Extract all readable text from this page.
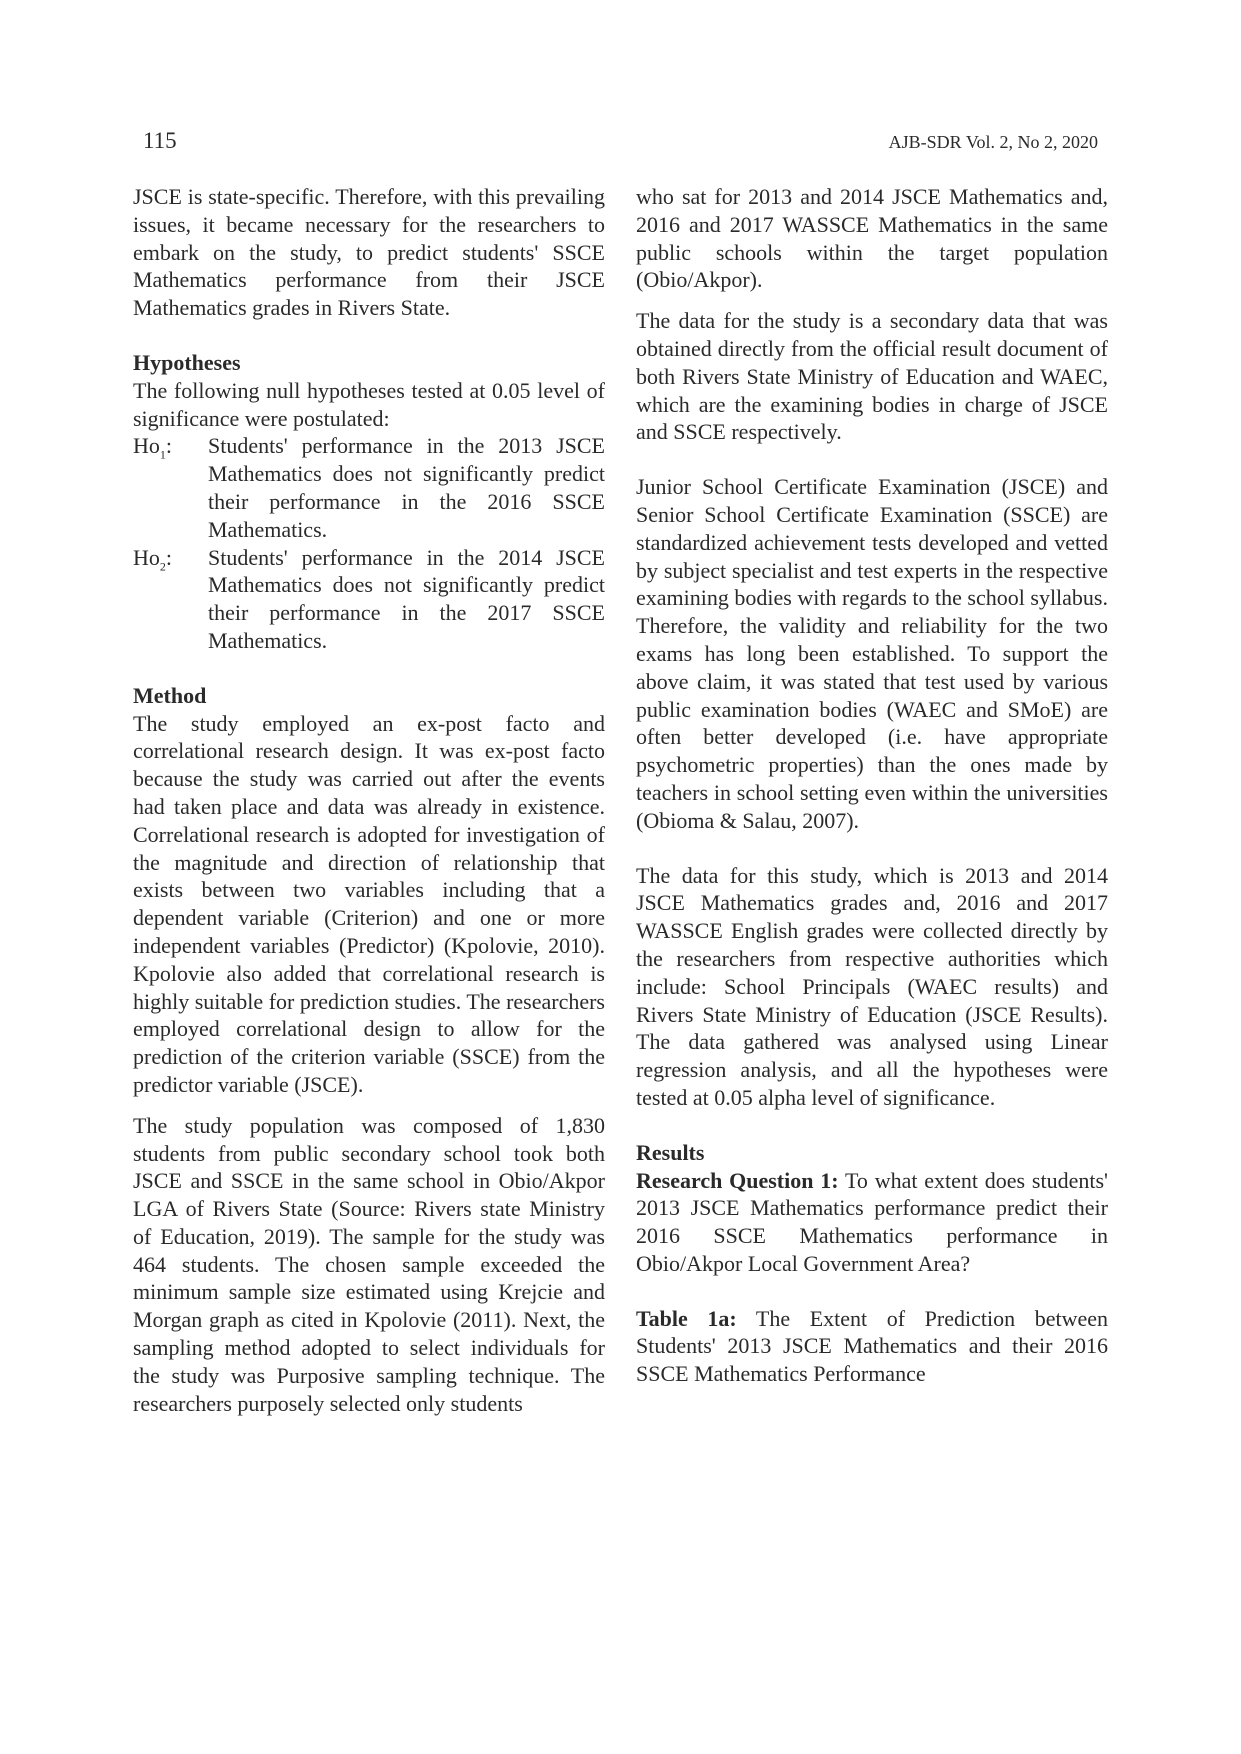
115	AJB-SDR Vol. 2, No 2, 2020

JSCE is state-specific. Therefore, with this prevailing issues, it became necessary for the researchers to embark on the study, to predict students' SSCE Mathematics performance from their JSCE Mathematics grades in Rivers State.

Hypotheses

The following null hypotheses tested at 0.05 level of significance were postulated:

$Ho_1$:	Students' performance in the 2013 JSCE Mathematics does not significantly predict their performance in the 2016 SSCE Mathematics.
$Ho_2$:	Students' performance in the 2014 JSCE Mathematics does not significantly predict their performance in the 2017 SSCE Mathematics.
Method

The study employed an ex-post facto and correlational research design. It was ex-post facto because the study was carried out after the events had taken place and data was already in existence. Correlational research is adopted for investigation of the magnitude and direction of relationship that exists between two variables including that a dependent variable (Criterion) and one or more independent variables (Predictor) (Kpolovie, 2010). Kpolovie also added that correlational research is highly suitable for prediction studies. The researchers employed correlational design to allow for the prediction of the criterion variable (SSCE) from the predictor variable (JSCE).

The study population was composed of 1,830 students from public secondary school took both JSCE and SSCE in the same school in Obio/Akpor LGA of Rivers State (Source: Rivers state Ministry of Education, 2019). The sample for the study was 464 students. The chosen sample exceeded the minimum sample size estimated using Krejcie and Morgan graph as cited in Kpolovie (2011). Next, the sampling method adopted to select individuals for the study was Purposive sampling technique. The researchers purposely selected only students

who sat for 2013 and 2014 JSCE Mathematics and, 2016 and 2017 WASSCE Mathematics in the same public schools within the target population (Obio/Akpor).

The data for the study is a secondary data that was obtained directly from the official result document of both Rivers State Ministry of Education and WAEC, which are the examining bodies in charge of JSCE and SSCE respectively.

Junior School Certificate Examination (JSCE) and Senior School Certificate Examination (SSCE) are standardized achievement tests developed and vetted by subject specialist and test experts in the respective examining bodies with regards to the school syllabus. Therefore, the validity and reliability for the two exams has long been established. To support the above claim, it was stated that test used by various public examination bodies (WAEC and SMoE) are often better developed (i.e. have appropriate psychometric properties) than the ones made by teachers in school setting even within the universities (Obioma & Salau, 2007).

The data for this study, which is 2013 and 2014 JSCE Mathematics grades and, 2016 and 2017 WASSCE English grades were collected directly by the researchers from respective authorities which include: School Principals (WAEC results) and Rivers State Ministry of Education (JSCE Results). The data gathered was analysed using Linear regression analysis, and all the hypotheses were tested at 0.05 alpha level of significance.

Results

Research Question 1: To what extent does students' 2013 JSCE Mathematics performance predict their 2016 SSCE Mathematics performance in Obio/Akpor Local Government Area?

Table 1a: The Extent of Prediction between Students' 2013 JSCE Mathematics and their 2016 SSCE Mathematics Performance
